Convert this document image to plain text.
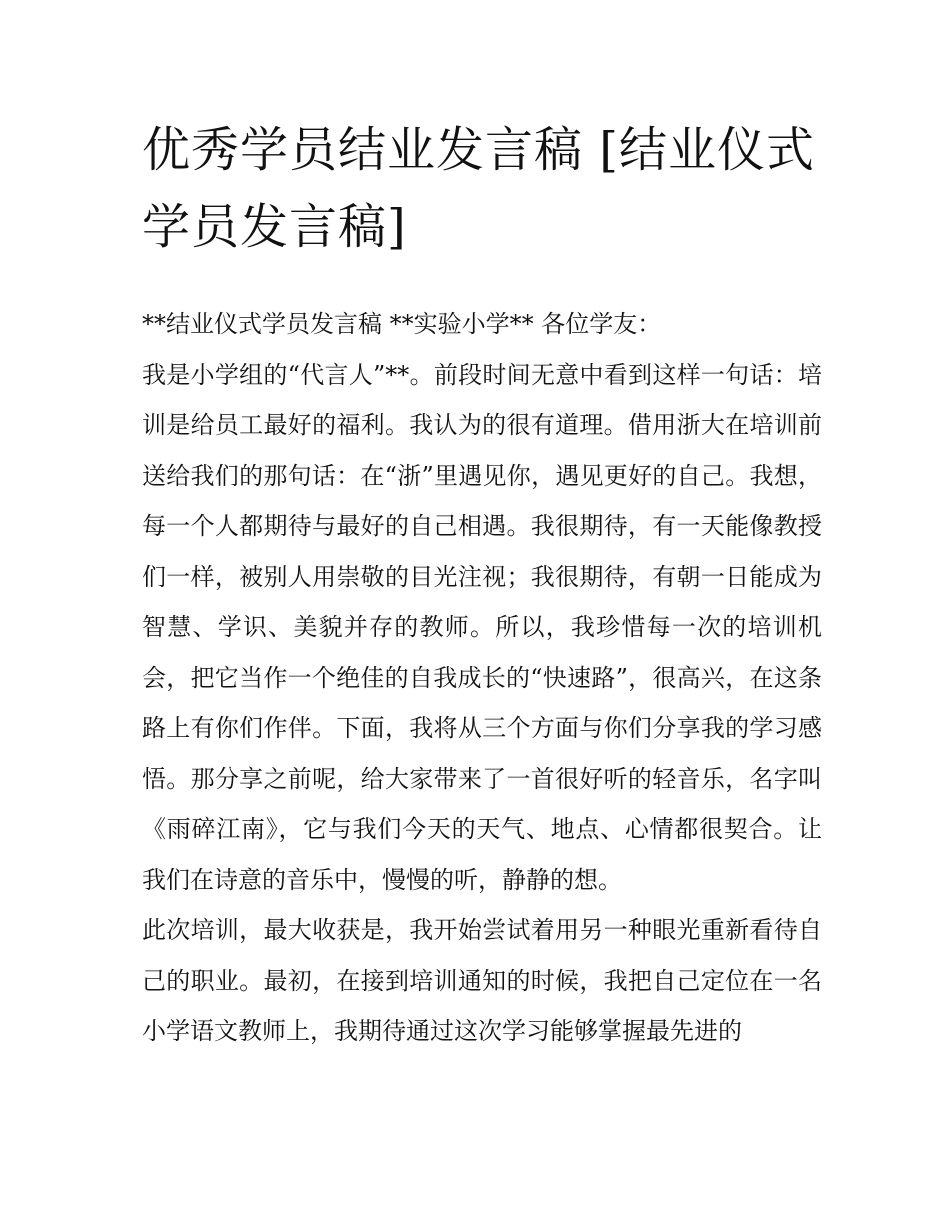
优秀学员结业发言稿 [结业仪式学员发言稿]

**结业仪式学员发言稿 **实验小学** 各位学友：

我是小学组的“代言人”**。前段时间无意中看到这样一句话：培训是给员工最好的福利。我认为的很有道理。借用浙大在培训前送给我们的那句话：在“浙”里遇见你，遇见更好的自己。我想，每一个人都期待与最好的自己相遇。我很期待，有一天能像教授们一样，被别人用崇敬的目光注视；我很期待，有朝一日能成为智慧、学识、美貌并存的教师。所以，我珍惜每一次的培训机会，把它当作一个绝佳的自我成长的“快速路”，很高兴，在这条路上有你们作伴。下面，我将从三个方面与你们分享我的学习感悟。那分享之前呢，给大家带来了一首很好听的轻音乐，名字叫《雨碎江南》，它与我们今天的天气、地点、心情都很契合。让我们在诗意的音乐中，慢慢的听，静静的想。

此次培训，最大收获是，我开始尝试着用另一种眼光重新看待自己的职业。最初，在接到培训通知的时候，我把自己定位在一名小学语文教师上，我期待通过这次学习能够掌握最先进的
